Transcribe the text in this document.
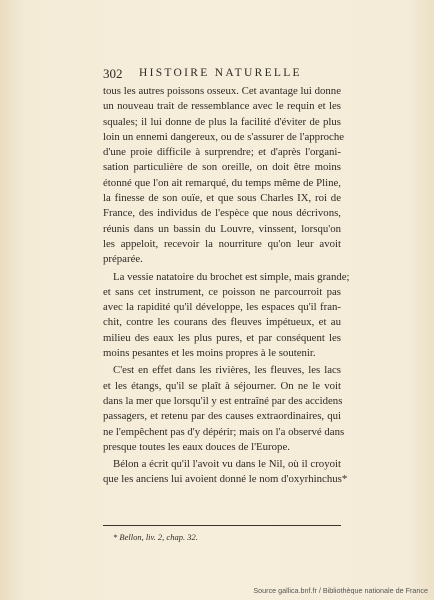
302 HISTOIRE NATURELLE
tous les autres poissons osseux. Cet avantage lui donne
un nouveau trait de ressemblance avec le requin et les
squales; il lui donne de plus la facilité d'éviter de plus
loin un ennemi dangereux, ou de s'assurer de l'approche
d'une proie difficile à surprendre; et d'après l'organi-
sation particulière de son oreille, on doit être moins
étonné que l'on ait remarqué, du temps même de Pline,
la finesse de son ouïe, et que sous Charles IX, roi de
France, des individus de l'espèce que nous décrivons,
réunis dans un bassin du Louvre, vinssent, lorsqu'on
les appeloit, recevoir la nourriture qu'on leur avoit
préparée.
La vessie natatoire du brochet est simple, mais grande;
et sans cet instrument, ce poisson ne parcourroit pas
avec la rapidité qu'il développe, les espaces qu'il fran-
chit, contre les courans des fleuves impétueux, et au
milieu des eaux les plus pures, et par conséquent les
moins pesantes et les moins propres à le soutenir.
C'est en effet dans les rivières, les fleuves, les lacs
et les étangs, qu'il se plaît à séjourner. On ne le voit
dans la mer que lorsqu'il y est entraîné par des accidens
passagers, et retenu par des causes extraordinaires, qui
ne l'empêchent pas d'y dépérir; mais on l'a observé dans
presque toutes les eaux douces de l'Europe.
Bélon a écrit qu'il l'avoit vu dans le Nil, où il croyoit
que les anciens lui avoient donné le nom d'oxyrhinchus*
* Bellon, liv. 2, chap. 32.
Source gallica.bnf.fr / Bibliothèque nationale de France
